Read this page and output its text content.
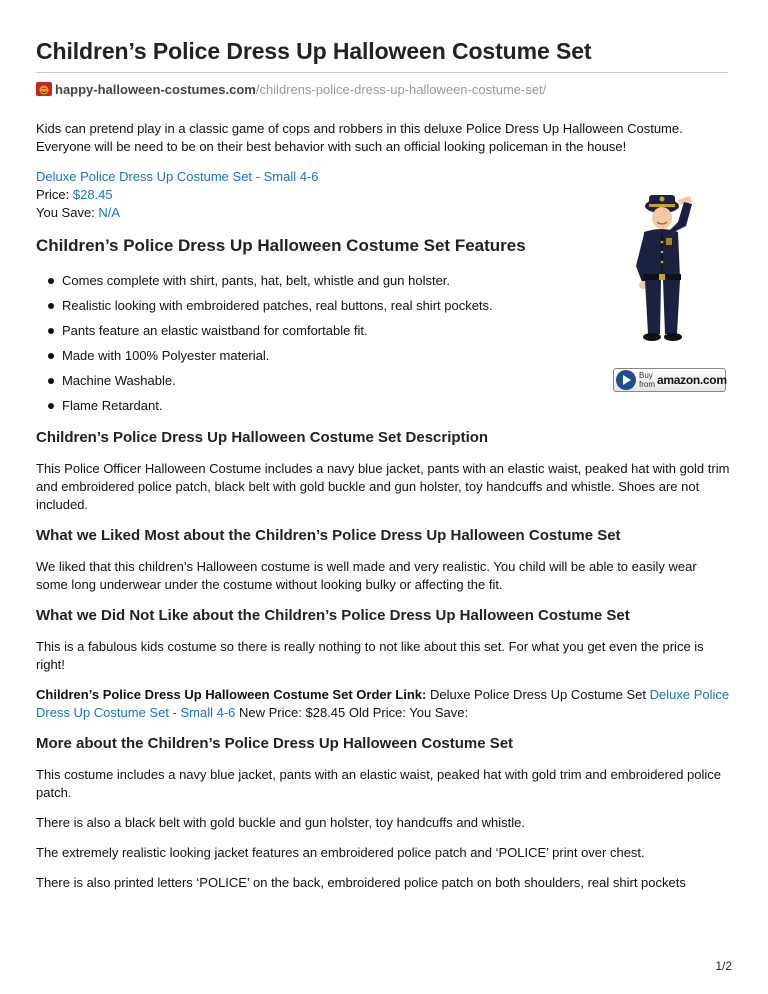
Children’s Police Dress Up Halloween Costume Set
happy-halloween-costumes.com/childrens-police-dress-up-halloween-costume-set/

Kids can pretend play in a classic game of cops and robbers in this deluxe Police Dress Up Halloween Costume. Everyone will be need to be on their best behavior with such an official looking policeman in the house!

Deluxe Police Dress Up Costume Set - Small 4-6
Price: $28.45
You Save: N/A

Children’s Police Dress Up Halloween Costume Set Features
Comes complete with shirt, pants, hat, belt, whistle and gun holster.
Realistic looking with embroidered patches, real buttons, real shirt pockets.
Pants feature an elastic waistband for comfortable fit.
Made with 100% Polyester material.
Machine Washable.
Flame Retardant.
Children’s Police Dress Up Halloween Costume Set Description

This Police Officer Halloween Costume includes a navy blue jacket, pants with an elastic waist, peaked hat with gold trim and embroidered police patch, black belt with gold buckle and gun holster, toy handcuffs and whistle. Shoes are not included.

What we Liked Most about the Children’s Police Dress Up Halloween Costume Set

We liked that this children’s Halloween costume is well made and very realistic. You child will be able to easily wear some long underwear under the costume without looking bulky or affecting the fit.

What we Did Not Like about the Children’s Police Dress Up Halloween Costume Set

This is a fabulous kids costume so there is really nothing to not like about this set. For what you get even the price is right!

Children’s Police Dress Up Halloween Costume Set Order Link: Deluxe Police Dress Up Costume Set Deluxe Police Dress Up Costume Set - Small 4-6 New Price: $28.45 Old Price: You Save:

More about the Children’s Police Dress Up Halloween Costume Set

This costume includes a navy blue jacket, pants with an elastic waist, peaked hat with gold trim and embroidered police patch.

There is also a black belt with gold buckle and gun holster, toy handcuffs and whistle.

The extremely realistic looking jacket features an embroidered police patch and ‘POLICE’ print over chest.

There is also printed letters ‘POLICE’ on the back, embroidered police patch on both shoulders, real shirt pockets

Buy from amazon.com
1/2
